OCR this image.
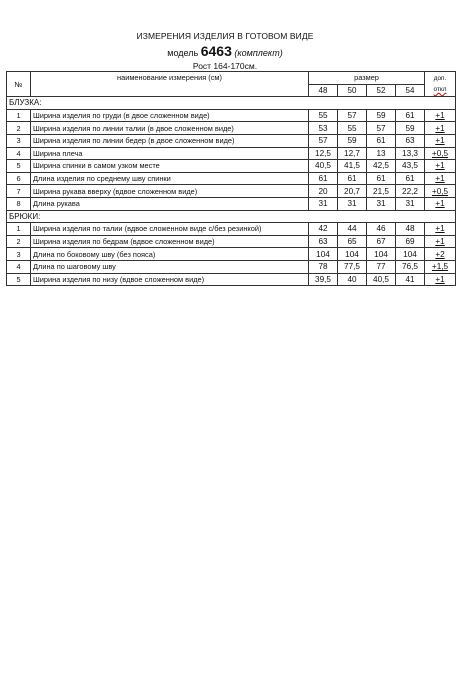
ИЗМЕРЕНИЯ ИЗДЕЛИЯ В ГОТОВОМ ВИДЕ
модель 6463 (комплект)
Рост 164-170см.
№	наименование измерения (см)	размер				доп.
откл

		48	50	52	54	
БЛУЗКА:						
1	Ширина изделия по груди (в двое сложенном виде)	55	57	59	61	+1
2	Ширина изделия по линии талии (в двое сложенном виде)	53	55	57	59	+1
3	Ширина изделия по линии бедер (в двое сложенном виде)	57	59	61	63	+1
4	Ширина плеча	12,5	12,7	13	13,3	+0,5
5	Ширина спинки в самом узком месте	40,5	41,5	42,5	43,5	+1
6	Длина изделия по среднему шву спинки	61	61	61	61	+1
7	Ширина рукава вверху (вдвое сложенном виде)	20	20,7	21,5	22,2	+0,5
8	Длина рукава	31	31	31	31	+1
БРЮКИ:						
1	Ширина изделия по талии (вдвое сложенном виде с/без резинкой)	42	44	46	48	+1
2	Ширина изделия по бедрам (вдвое сложенном виде)	63	65	67	69	+1
3	Длина по боковому шву (без пояса)	104	104	104	104	+2
4	Длина по шаговому шву	78	77,5	77	76,5	+1,5
5	Ширина изделия по низу (вдвое сложенном виде)	39,5	40	40,5	41	+1
